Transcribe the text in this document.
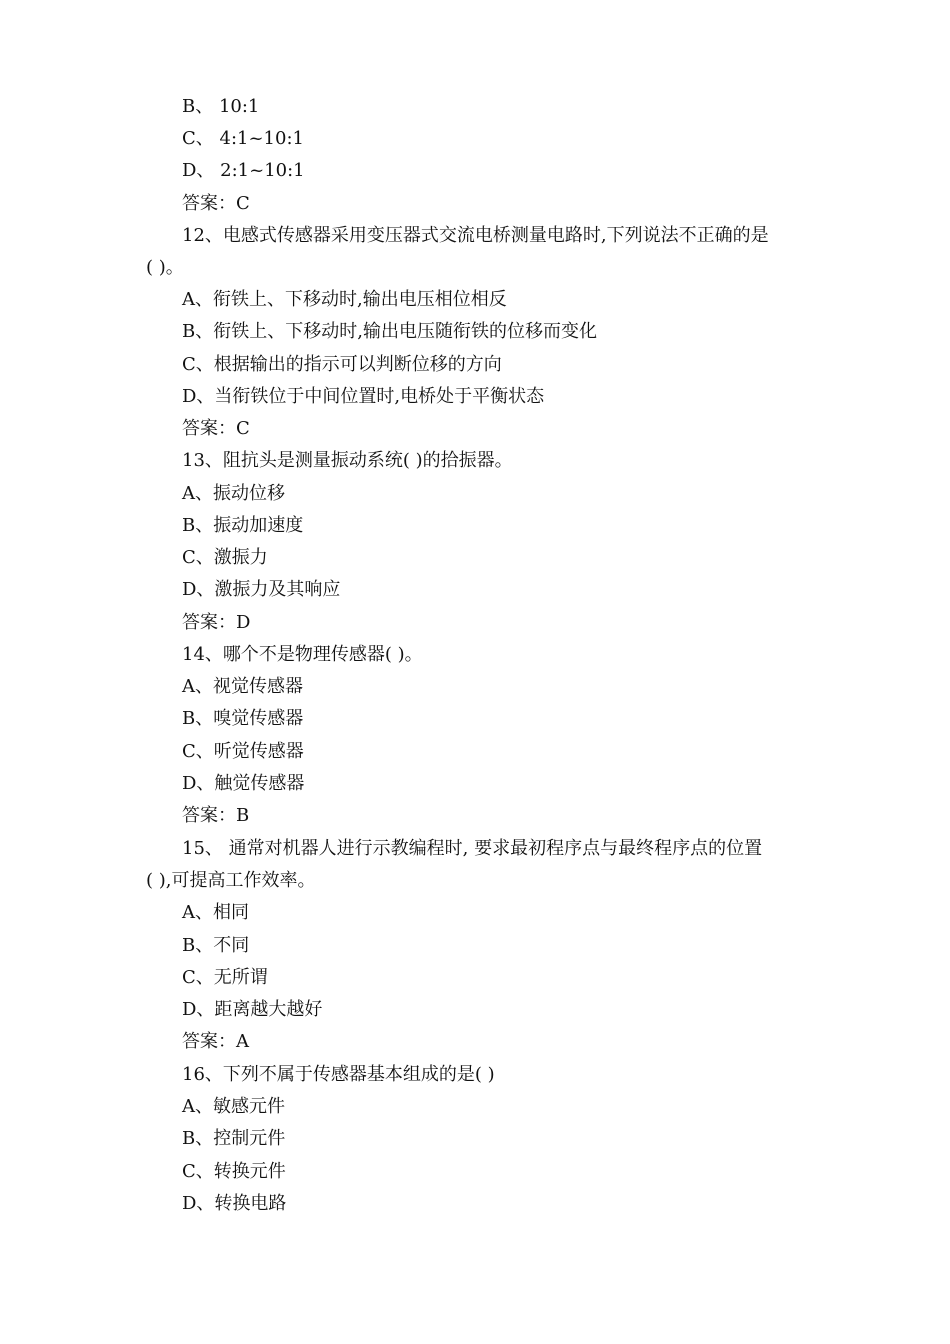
B、 10:1
C、 4:1~10:1
D、 2:1~10:1
答案：C
12、电感式传感器采用变压器式交流电桥测量电路时,下列说法不正确的是
( )。
A、衔铁上、下移动时,输出电压相位相反
B、衔铁上、下移动时,输出电压随衔铁的位移而变化
C、根据输出的指示可以判断位移的方向
D、当衔铁位于中间位置时,电桥处于平衡状态
答案：C
13、阻抗头是测量振动系统( )的拾振器。
A、振动位移
B、振动加速度
C、激振力
D、激振力及其响应
答案：D
14、哪个不是物理传感器( )。
A、视觉传感器
B、嗅觉传感器
C、听觉传感器
D、触觉传感器
答案：B
15、 通常对机器人进行示教编程时, 要求最初程序点与最终程序点的位置
( ),可提高工作效率。
A、相同
B、不同
C、无所谓
D、距离越大越好
答案：A
16、下列不属于传感器基本组成的是( )
A、敏感元件
B、控制元件
C、转换元件
D、转换电路
